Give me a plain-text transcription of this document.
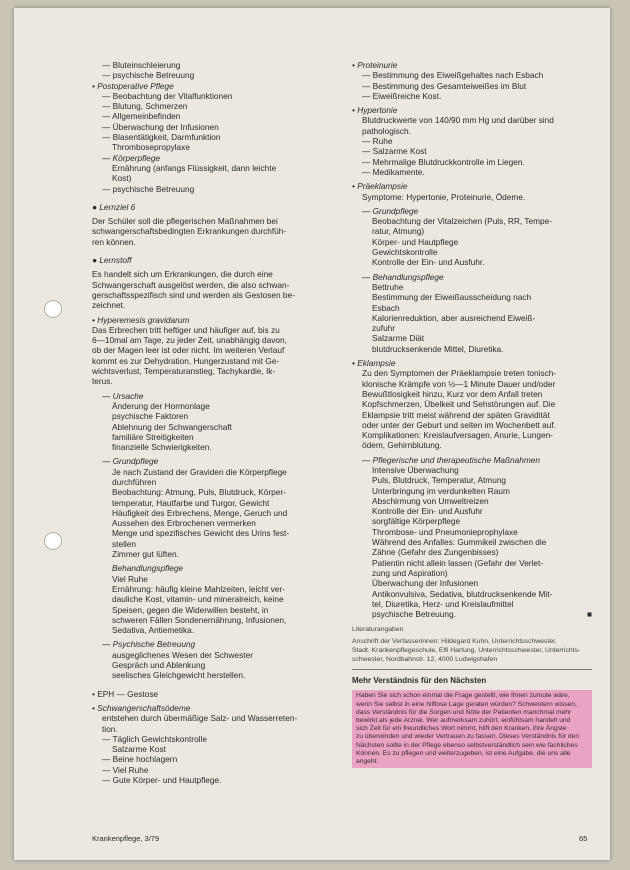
— Bluteinschleierung
— psychische Betreuung
• Postoperative Pflege
— Beobachtung der Vitalfunktionen
— Blutung, Schmerzen
— Allgemeinbefinden
— Überwachung der Infusionen
— Blasentätigkeit, Darmfunktion
Thrombosepropylaxe
— Körperpflege
Ernährung (anfangs Flüssigkeit, dann leichte
Kost)
— psychische Betreuung
● Lernziel 6
Der Schüler soll die pflegerischen Maßnahmen bei
schwangerschaftsbedingten Erkrankungen durchfüh-
ren können.
● Lernstoff
Es handelt sich um Erkrankungen, die durch eine
Schwangerschaft ausgelöst werden, die also schwan-
gerschaftsspezifisch sind und werden als Gestosen be-
zeichnet.
• Hyperemesis gravidarum
Das Erbrechen tritt heftiger und häufiger auf, bis zu
6—10mal am Tage, zu jeder Zeit, unabhängig davon,
ob der Magen leer ist oder nicht. Im weiteren Verlauf
kommt es zur Dehydration, Hungerzustand mit Ge-
wichtsverlust, Temperaturanstieg, Tachykardie, Ik-
terus.
— Ursache
Änderung der Hormonlage
psychische Faktoren
Ablehnung der Schwangerschaft
familiäre Streitigkeiten
finanzielle Schwierigkeiten.
— Grundpflege
Je nach Zustand der Graviden die Körperpflege
durchführen
Beobachtung: Atmung, Puls, Blutdruck, Körper-
temperatur, Hautfarbe und Turgor, Gewicht
Häufigkeit des Erbrechens, Menge, Geruch und
Aussehen des Erbrochenen vermerken
Menge und spezifisches Gewicht des Urins fest-
stellen
Zimmer gut lüften.
Behandlungspflege
Viel Ruhe
Ernährung: häufig kleine Mahlzeiten, leicht ver-
dauliche Kost, vitamin- und mineralreich, keine
Speisen, gegen die Widerwillen besteht, in
schweren Fällen Sondenernährung, Infusionen,
Sedativa, Antiemetika.
— Psychische Betreuung
ausgeglichenes Wesen der Schwester
Gespräch und Ablenkung
seelisches Gleichgewicht herstellen.
• EPH — Gestose
• Schwangerschaftsödeme
entstehen durch übermäßige Salz- und Wasserreten-
tion.
— Täglich Gewichtskontrolle
Salzarme Kost
— Beine hochlagern
— Viel Ruhe
— Gute Körper- und Hautpflege.
• Proteinurie
— Bestimmung des Eiweißgehaltes nach Esbach
— Bestimmung des Gesamteiweißes im Blut
— Eiweißreiche Kost.
• Hypertonie
Blutdruckwerte von 140/90 mm Hg und darüber sind
pathologisch.
— Ruhe
— Salzarme Kost
— Mehrmalige Blutdruckkontrolle im Liegen.
— Medikamente.
• Präeklampsie
Symptome: Hypertonie, Proteinurie, Ödeme.
— Grundpflege
Beobachtung der Vitalzeichen (Puls, RR, Tempe-
ratur, Atmung)
Körper- und Hautpflege
Gewichtskontrolle
Kontrolle der Ein- und Ausfuhr.
— Behandlungspflege
Bettruhe
Bestimmung der Eiweißausscheidung nach
Esbach
Kalorienreduktion, aber ausreichend Eiweiß-
zufuhr
Salzarme Diät
blutdrucksenkende Mittel, Diuretika.
• Eklampsie
Zu den Symptomen der Präeklampsie treten tonisch-
klonische Krämpfe von ½—1 Minute Dauer und/oder
Bewußtlosigkeit hinzu, Kurz vor dem Anfall treten
Kopfschmerzen, Übelkeit und Sehstörungen auf. Die
Eklampsie tritt meist während der späten Gravidität
oder unter der Geburt und selten im Wochenbett auf.
Komplikationen: Kreislaufversagen, Anurie, Lungen-
ödem, Gehirnblutung.
— Pflegerische und therapeutische Maßnahmen
Intensive Überwachung
Puls, Blutdruck, Temperatur, Atmung
Unterbringung im verdunkelten Raum
Abschirmung von Umweltreizen
Kontrolle der Ein- und Ausfuhr
sorgfältige Körperpflege
Thrombose- und Pneumonieprophylaxe
Während des Anfalles: Gummikeil zwischen die
Zähne (Gefahr des Zungenbisses)
Patientin nicht allein lassen (Gefahr der Verlet-
zung und Aspiration)
Überwachung der Infusionen
Antikonvulsiva, Sedativa, blutdrucksenkende Mit-
tel, Diuretika, Herz- und Kreislaufmittel
psychische Betreuung.	■
Literaturangaben
Anschrift der Verfasserinnen: Hildegard Kuhn, Unterrichtsschwester,
Stadt. Krankenpflegeschule, Elfi Hartung, Unterrichtsschwester, Unterrichts-
schwester, Nordbahnstr. 12, 4000 Ludwigshafen
Mehr Verständnis für den Nächsten
Haben Sie sich schon einmal die Frage gestellt, wie Ihnen zumute wäre,
wenn Sie selbst in eine hilflose Lage geraten würden? Schwestern wissen,
dass Verständnis für die Sorgen und Nöte der Patienten manchmal mehr
bewirkt als jede Arznei. Wer aufmerksam zuhört, einfühlsam handelt und
sich Zeit für ein freundliches Wort nimmt, hilft den Kranken, ihre Ängste
zu überwinden und wieder Vertrauen zu fassen. Dieses Verständnis für den
Nächsten sollte in der Pflege ebenso selbstverständlich sein wie fachliches
Können. Es zu pflegen und weiterzugeben, ist eine Aufgabe, die uns alle angeht.
Krankenpflege, 3/79	65
